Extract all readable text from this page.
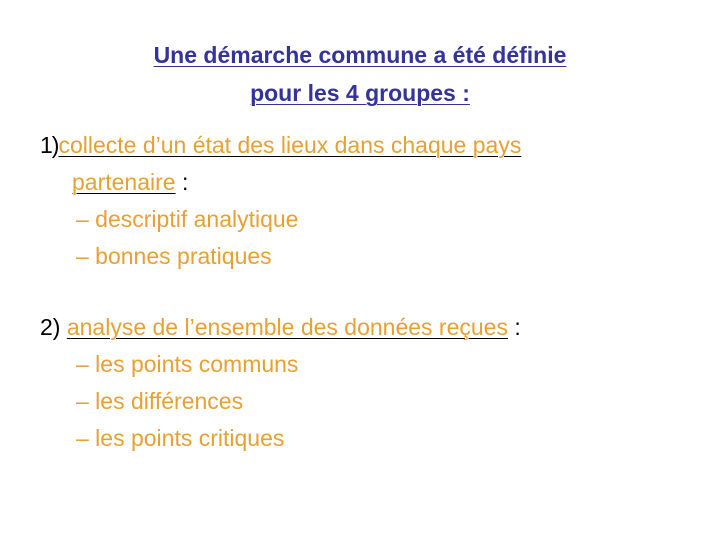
Une démarche commune a été définie
pour les 4 groupes :
1)collecte d’un état des lieux dans chaque pays
partenaire :
– descriptif analytique
– bonnes pratiques
2) analyse de l’ensemble des données reçues :
– les points communs
– les différences
– les points critiques
